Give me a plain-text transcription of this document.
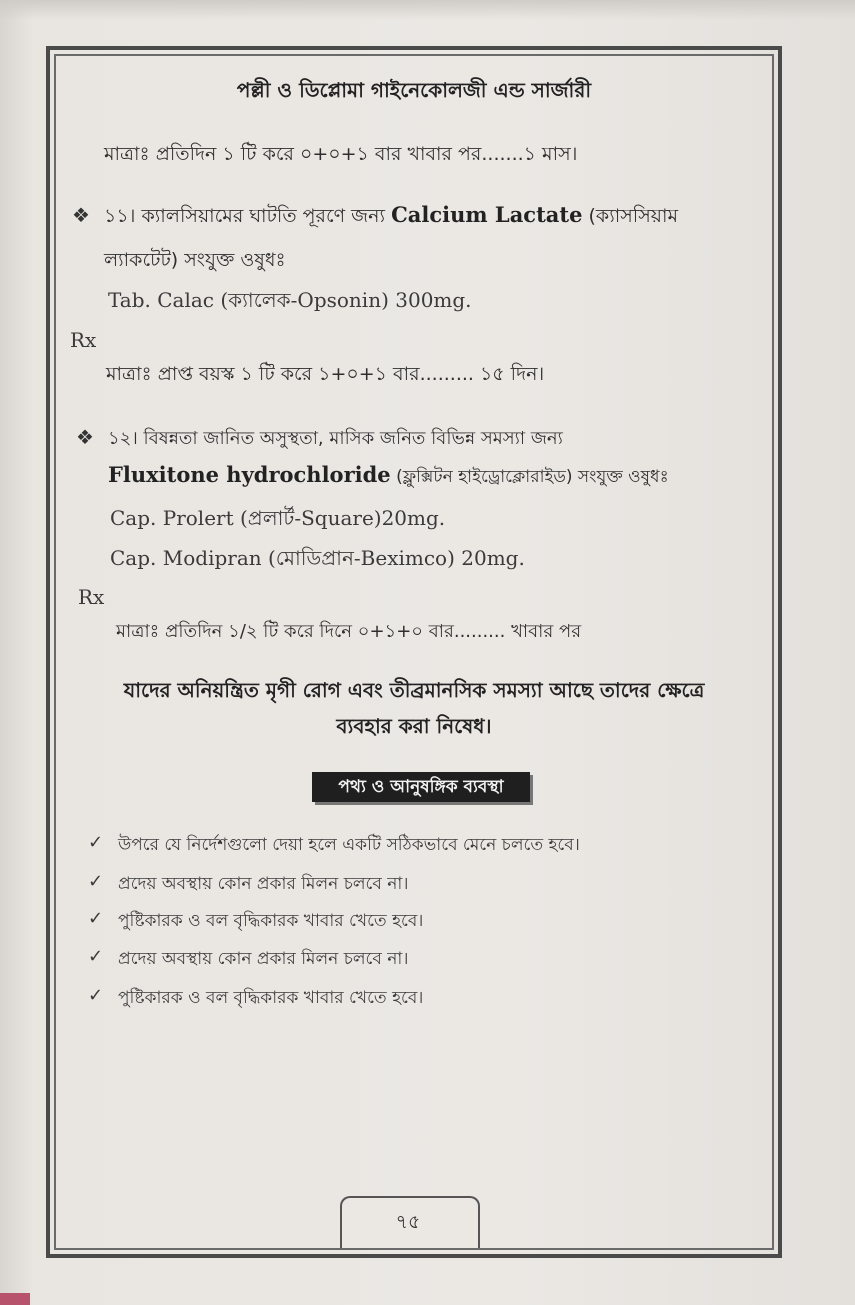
পল্লী ও ডিপ্লোমা গাইনেকোলজী এন্ড সার্জারী
মাত্রাঃ প্রতিদিন ১ টি করে ০+০+১ বার খাবার পর.......১ মাস।
❖ ১১। ক্যালসিয়ামের ঘাটতি পূরণে জন্য Calcium Lactate (ক্যাসসিয়াম
ল্যাকটেট) সংযুক্ত ওষুধঃ
Tab. Calac (ক্যালেক-Opsonin) 300mg.
Rx
মাত্রাঃ প্রাপ্ত বয়স্ক ১ টি করে ১+০+১ বার......... ১৫ দিন।
❖ ১২। বিষন্নতা জানিত অসুস্থতা, মাসিক জনিত বিভিন্ন সমস্যা জন্য
Fluxitone hydrochloride (ফ্লুক্সিটন হাইড্রোক্লোরাইড) সংযুক্ত ওষুধঃ
Cap. Prolert (প্রলার্ট-Square)20mg.
Cap. Modipran (মোডিপ্রান-Beximco) 20mg.
Rx
মাত্রাঃ প্রতিদিন ১/২ টি করে দিনে ০+১+০ বার......... খাবার পর
যাদের অনিয়ন্ত্রিত মৃগী রোগ এবং তীব্রমানসিক সমস্যা আছে তাদের ক্ষেত্রে
ব্যবহার করা নিষেধ।
পথ্য ও আনুষঙ্গিক ব্যবস্থা
✓ উপরে যে নির্দেশগুলো দেয়া হলে একটি সঠিকভাবে মেনে চলতে হবে।
✓ প্রদেয় অবস্থায় কোন প্রকার মিলন চলবে না।
✓ পুষ্টিকারক ও বল বৃদ্ধিকারক খাবার খেতে হবে।
✓ প্রদেয় অবস্থায় কোন প্রকার মিলন চলবে না।
✓ পুষ্টিকারক ও বল বৃদ্ধিকারক খাবার খেতে হবে।
৭৫
